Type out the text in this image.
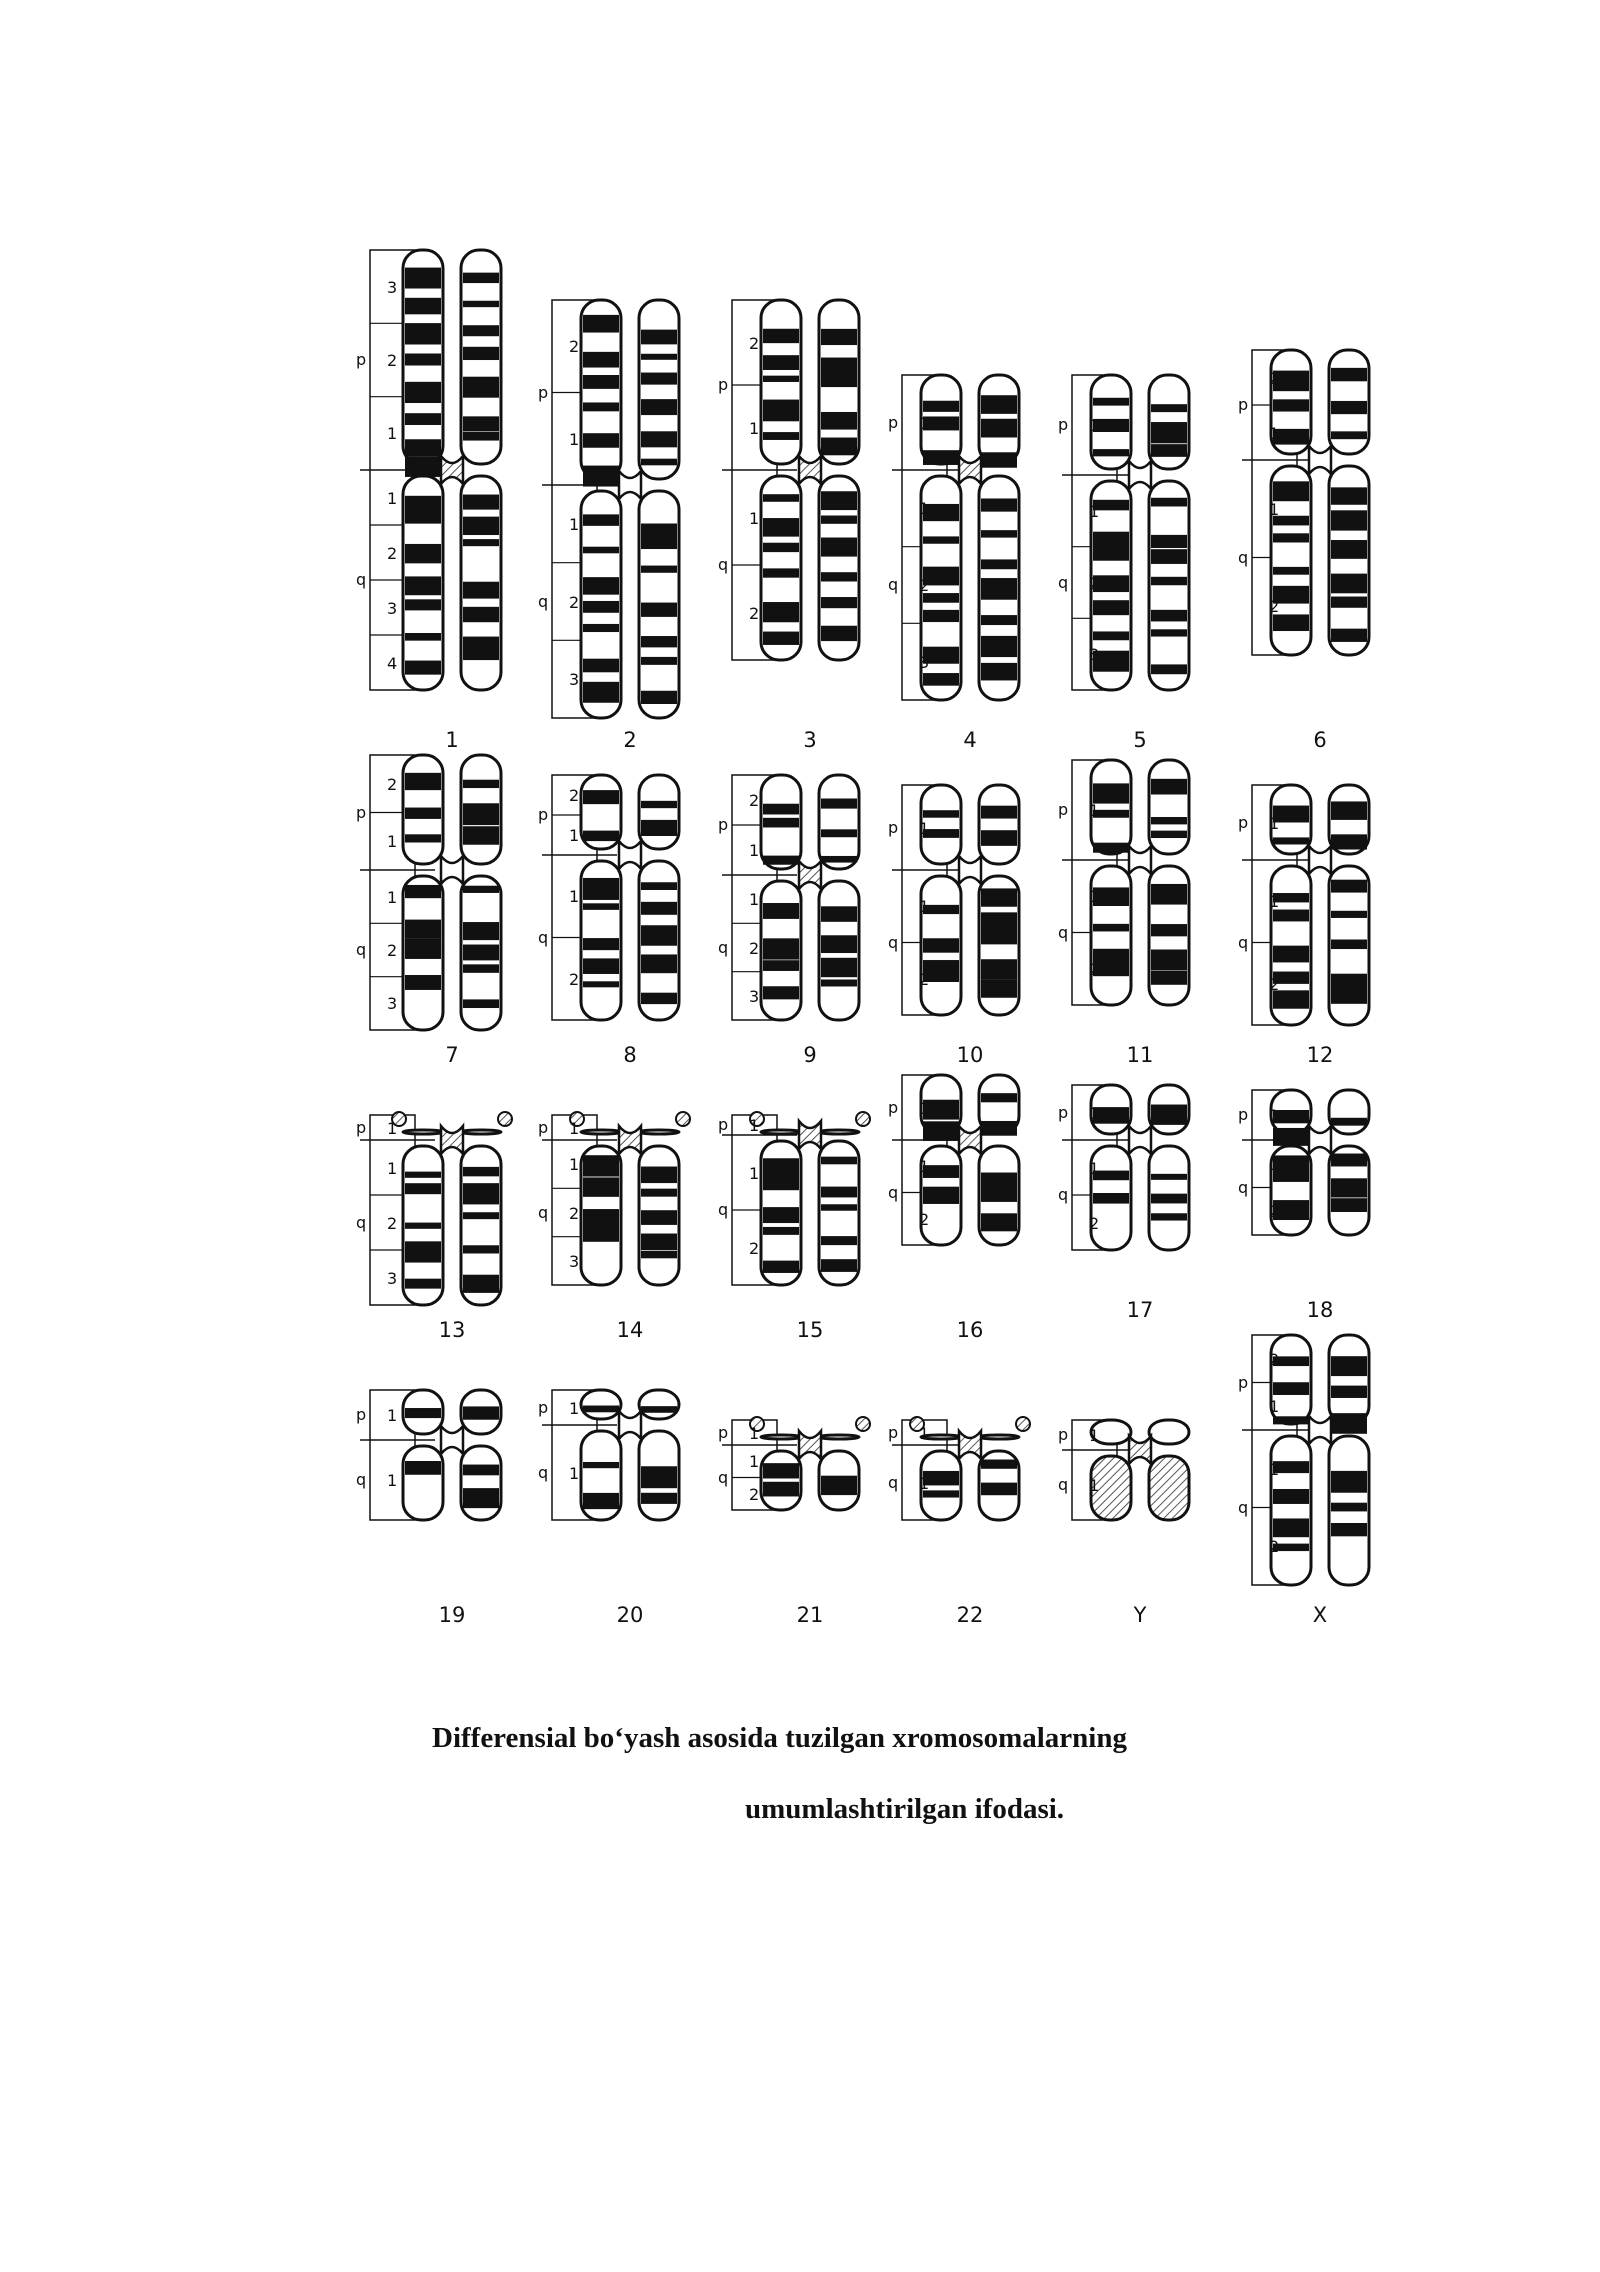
3
2
1
1
2
3
4
p
q
1
2
1
1
2
3
p
q
2
2
1
1
2
p
q
3
1
1
2
3
p
q
4
1
1
2
3
p
q
5
2
1
1
2
p
q
6
2
1
1
2
3
p
q
7
2
1
1
2
p
q
8
2
1
1
2
3
p
q
9
1
1
2
p
q
10
1
1
2
p
q
11
1
1
2
p
q
12
1
1
2
3
p
q
13
1
1
2
3
p
q
14
1
1
2
p
q
15
1
1
2
p
q
16
1
1
2
p
q
17
1
1
2
p
q
18
1
1
p
q
19
1
1
p
q
20
1
1
2
p
q
21
1
1
p
q
22
1
1
p
q
Y
2
1
1
2
p
q
X
Differensial bo‘yash asosida tuzilgan xromosomalarning
umumlashtirilgan ifodasi.
